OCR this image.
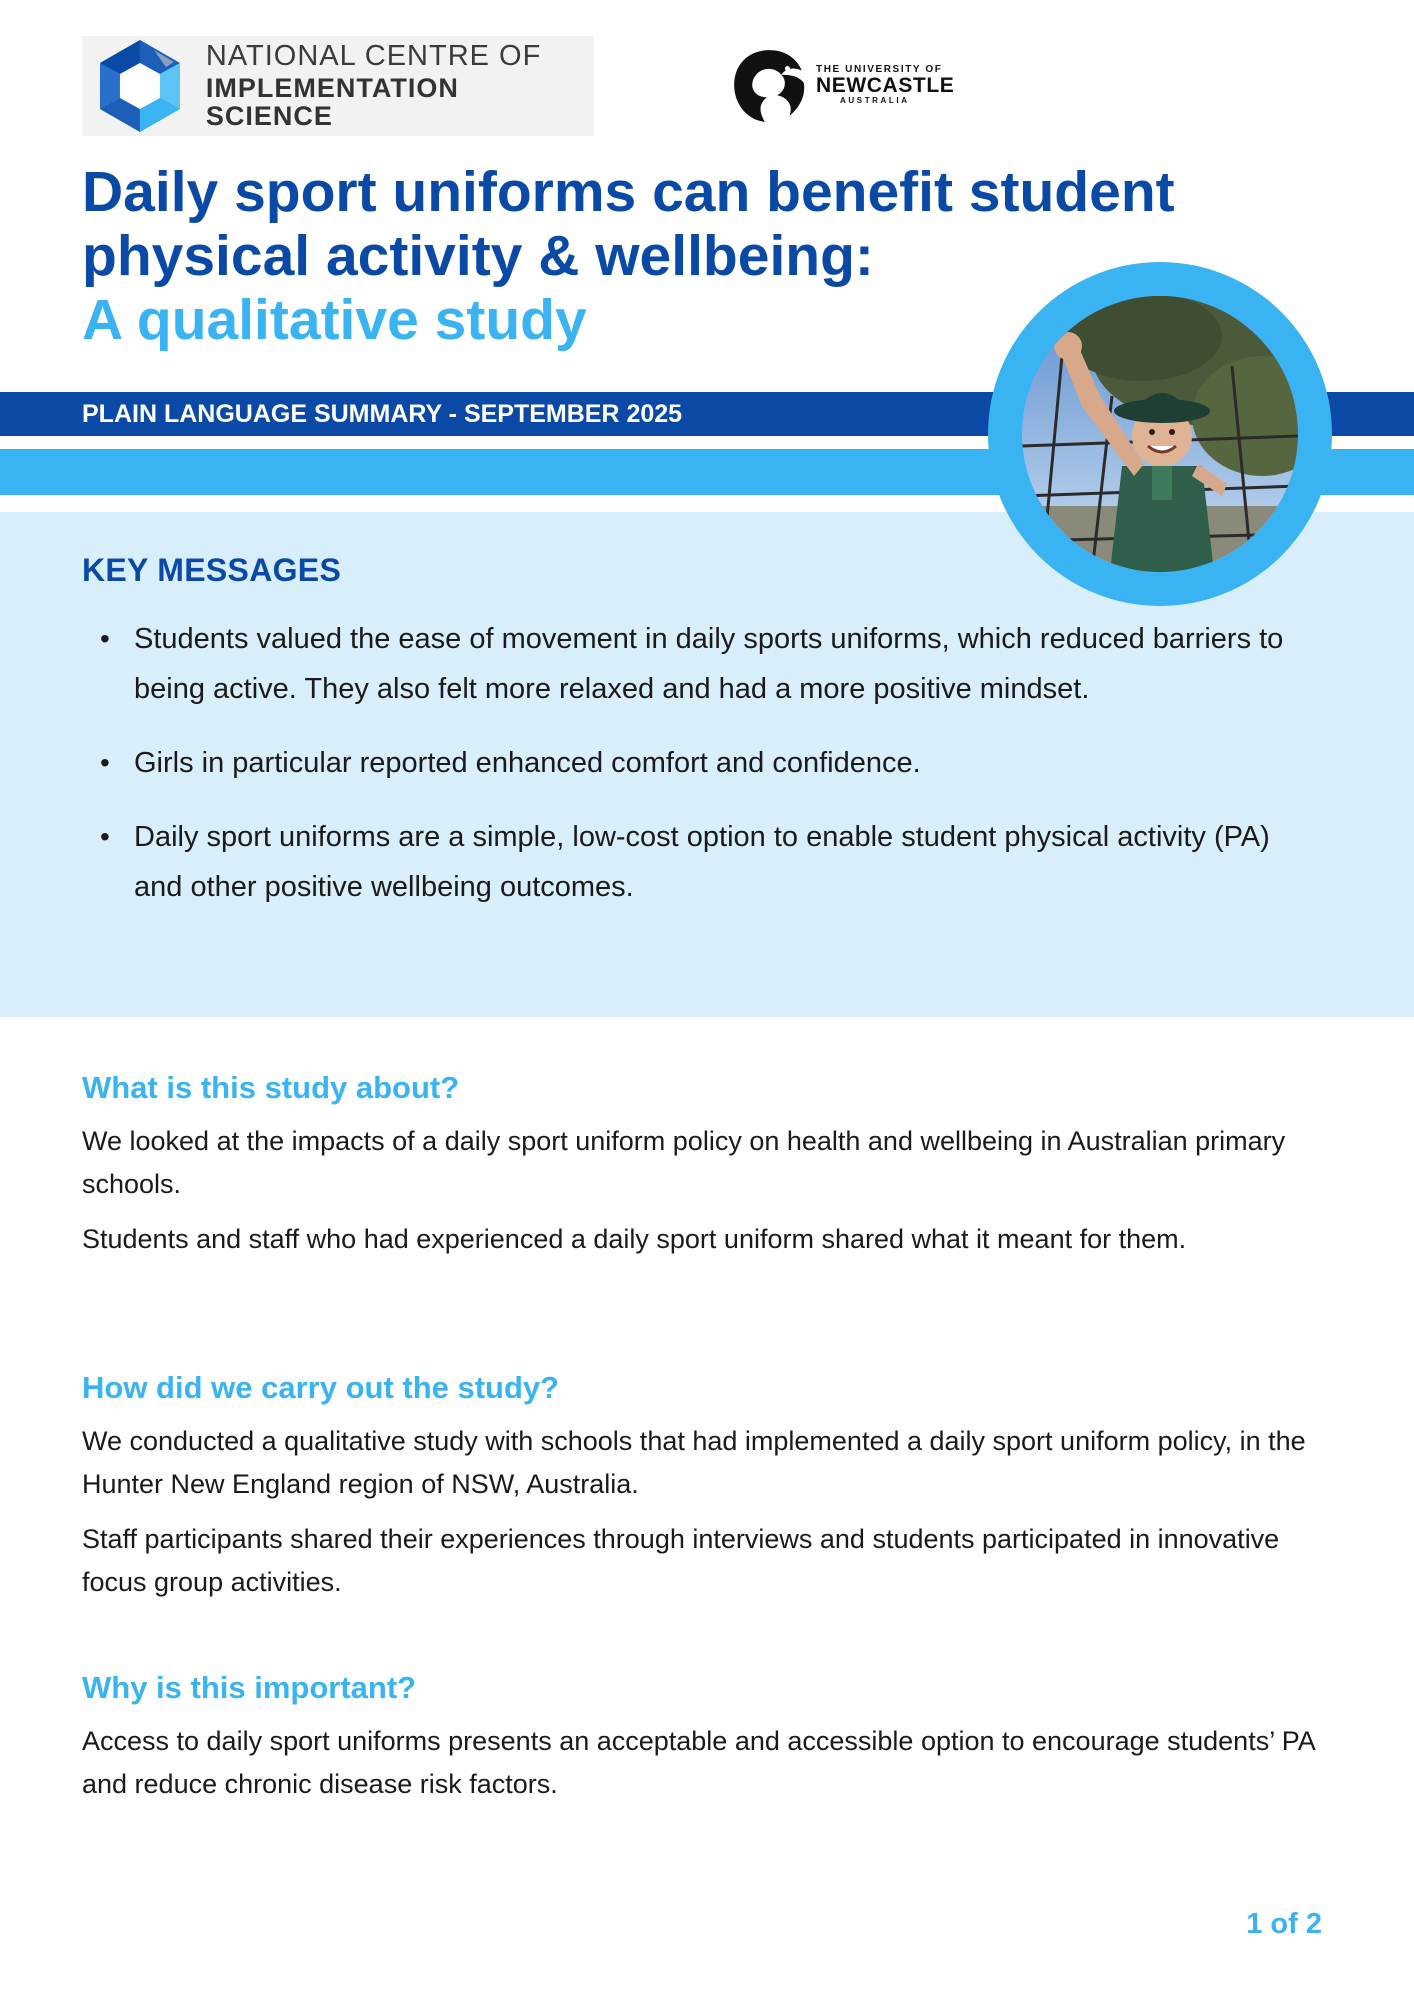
NATIONAL CENTRE OF
IMPLEMENTATION SCIENCE
THE UNIVERSITY OF
NEWCASTLE
AUSTRALIA
Daily sport uniforms can benefit student
physical activity & wellbeing:
A qualitative study
PLAIN LANGUAGE SUMMARY - SEPTEMBER 2025
KEY MESSAGES
• Students valued the ease of movement in daily sports uniforms, which reduced barriers to being active. They also felt more relaxed and had a more positive mindset.
• Girls in particular reported enhanced comfort and confidence.
• Daily sport uniforms are a simple, low-cost option to enable student physical activity (PA) and other positive wellbeing outcomes.
What is this study about?

We looked at the impacts of a daily sport uniform policy on health and wellbeing in Australian primary schools.

Students and staff who had experienced a daily sport uniform shared what it meant for them.

How did we carry out the study?

We conducted a qualitative study with schools that had implemented a daily sport uniform policy, in the Hunter New England region of NSW, Australia.

Staff participants shared their experiences through interviews and students participated in innovative focus group activities.

Why is this important?

Access to daily sport uniforms presents an acceptable and accessible option to encourage students’ PA and reduce chronic disease risk factors.

1 of 2
